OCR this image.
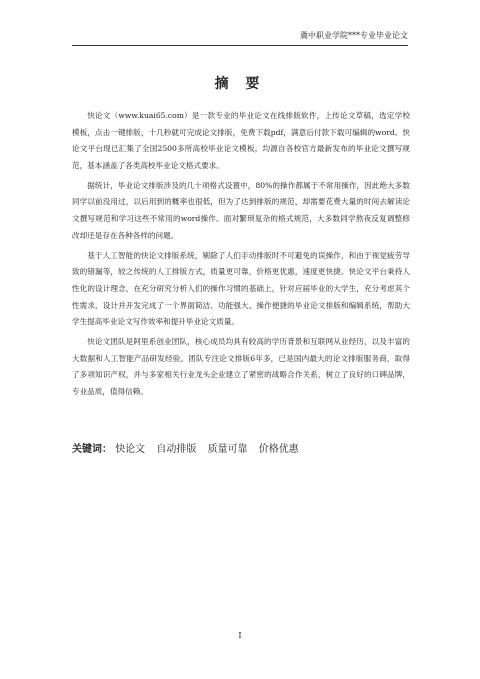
冀中职业学院***专业毕业论文
摘 要

快论文（www.kuai65.com）是一款专业的毕业论文在线排版软件，上传论文草稿，选定学校模板，点击一键排版，十几秒就可完成论文排版，免费下载pdf，满意后付款下载可编辑的word。快论文平台现已汇集了全国2500多所高校毕业论文模板，均源自各校官方最新发布的毕业论文撰写规范，基本涵盖了各类高校毕业论文格式要求。

据统计，毕业论文排版涉及的几十项格式设置中，80%的操作都属于不常用操作，因此绝大多数同学以前没用过，以后用到的概率也很低，但为了达到排版的规范，却需要花费大量的时间去解读论文撰写规范和学习这些不常用的word操作。面对繁琐复杂的格式规范，大多数同学熬夜反复调整修改却还是存在各种各样的问题。

基于人工智能的快论文排版系统，剔除了人们手动排版时不可避免的误操作，和由于视觉疲劳导致的错漏等，较之传统的人工排版方式，质量更可靠，价格更优惠，速度更快捷。快论文平台秉持人性化的设计理念，在充分研究分析人们的操作习惯的基础上，针对应届毕业的大学生，充分考虑其个性需求，设计并开发完成了一个界面简洁、功能强大、操作便捷的毕业论文排版和编辑系统，帮助大学生提高毕业论文写作效率和提升毕业论文质量。

快论文团队是阿里系创业团队，核心成员均具有较高的学历背景和互联网从业经历，以及丰富的大数据和人工智能产品研发经验。团队专注论文排版6年多，已是国内最大的论文排版服务商，取得了多项知识产权，并与多家相关行业龙头企业建立了紧密的战略合作关系，树立了良好的口碑品牌，专业品质，值得信赖。

关键词： 快论文 自动排版 质量可靠 价格优惠
I
